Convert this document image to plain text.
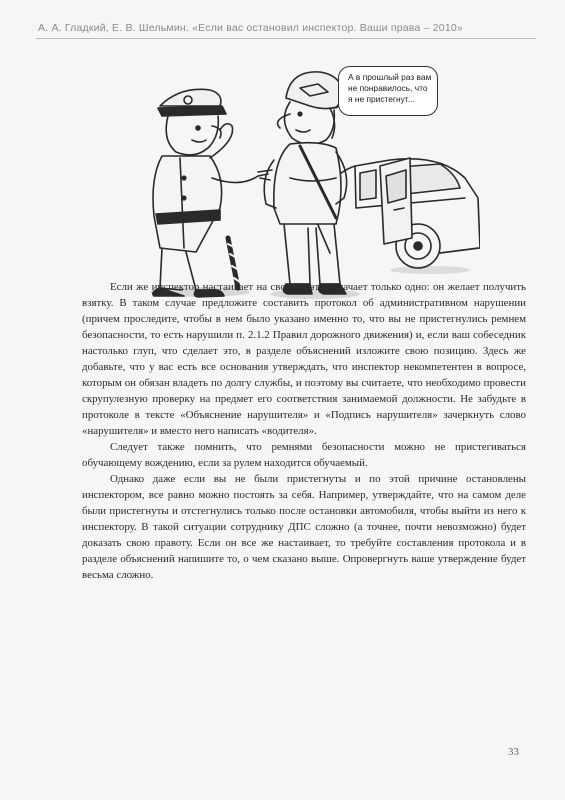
А. А. Гладкий, Е. В. Шельмин. «Если вас остановил инспектор. Ваши права – 2010»
А в прошлый раз вам
не понравилось, что
я не пристегнут...

Если же инспектор настаивает на своем – это означает только одно: он желает получить взятку. В таком случае предложите составить протокол об административном нарушении (причем проследите, чтобы в нем было указано именно то, что вы не пристегнулись ремнем безопасности, то есть нарушили п. 2.1.2 Правил дорожного движения) и, если ваш собеседник настолько глуп, что сделает это, в разделе объяснений изложите свою позицию. Здесь же добавьте, что у вас есть все основания утверждать, что инспектор некомпетентен в вопросе, которым он обязан владеть по долгу службы, и поэтому вы считаете, что необходимо провести скрупулезную проверку на предмет его соответствия занимаемой должности. Не забудьте в протоколе в тексте «Объяснение нарушителя» и «Подпись нарушителя» зачеркнуть слово «нарушителя» и вместо него написать «водителя».

Следует также помнить, что ремнями безопасности можно не пристегиваться обучающему вождению, если за рулем находится обучаемый.

Однако даже если вы не были пристегнуты и по этой причине остановлены инспектором, все равно можно постоять за себя. Например, утверждайте, что на самом деле были пристегнуты и отстегнулись только после остановки автомобиля, чтобы выйти из него к инспектору. В такой ситуации сотруднику ДПС сложно (а точнее, почти невозможно) будет доказать свою правоту. Если он все же настаивает, то требуйте составления протокола и в разделе объяснений напишите то, о чем сказано выше. Опровергнуть ваше утверждение будет весьма сложно.

33
